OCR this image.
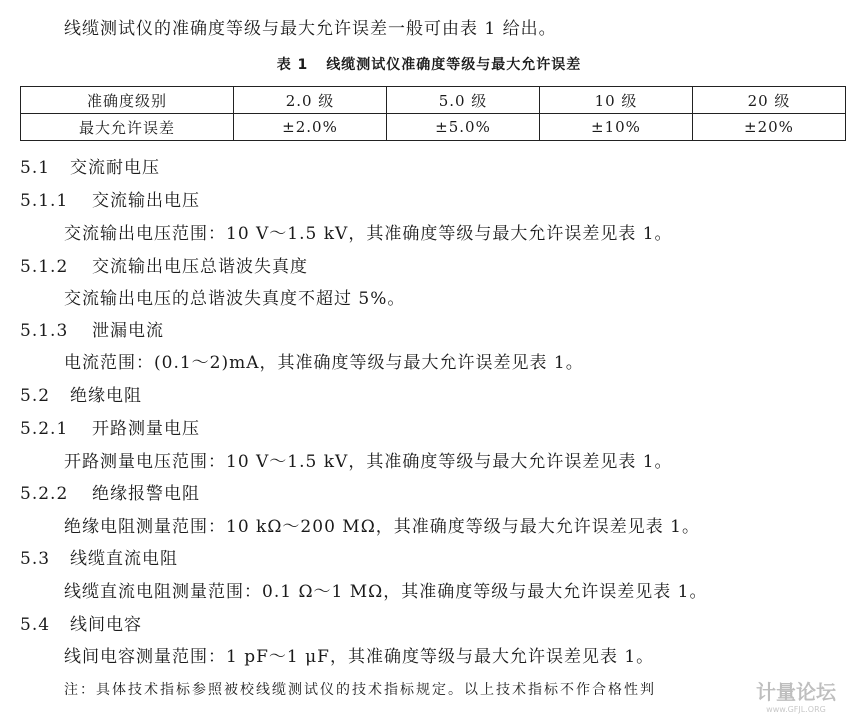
线缆测试仪的准确度等级与最大允许误差一般可由表 1 给出。
表 1 线缆测试仪准确度等级与最大允许误差
准确度级别	2.0 级	5.0 级	10 级	20 级
最大允许误差	±2.0%	±5.0%	±10%	±20%
5.1 交流耐电压
5.1.1 交流输出电压
交流输出电压范围：10 V～1.5 kV，其准确度等级与最大允许误差见表 1。
5.1.2 交流输出电压总谐波失真度
交流输出电压的总谐波失真度不超过 5%。
5.1.3 泄漏电流
电流范围：(0.1～2)mA，其准确度等级与最大允许误差见表 1。
5.2 绝缘电阻
5.2.1 开路测量电压
开路测量电压范围：10 V～1.5 kV，其准确度等级与最大允许误差见表 1。
5.2.2 绝缘报警电阻
绝缘电阻测量范围：10 kΩ～200 MΩ，其准确度等级与最大允许误差见表 1。
5.3 线缆直流电阻
线缆直流电阻测量范围：0.1 Ω～1 MΩ，其准确度等级与最大允许误差见表 1。
5.4 线间电容
线间电容测量范围：1 pF～1 μF，其准确度等级与最大允许误差见表 1。
注：具体技术指标参照被校线缆测试仪的技术指标规定。以上技术指标不作合格性判	计量论坛
www.GFJL.ORG
